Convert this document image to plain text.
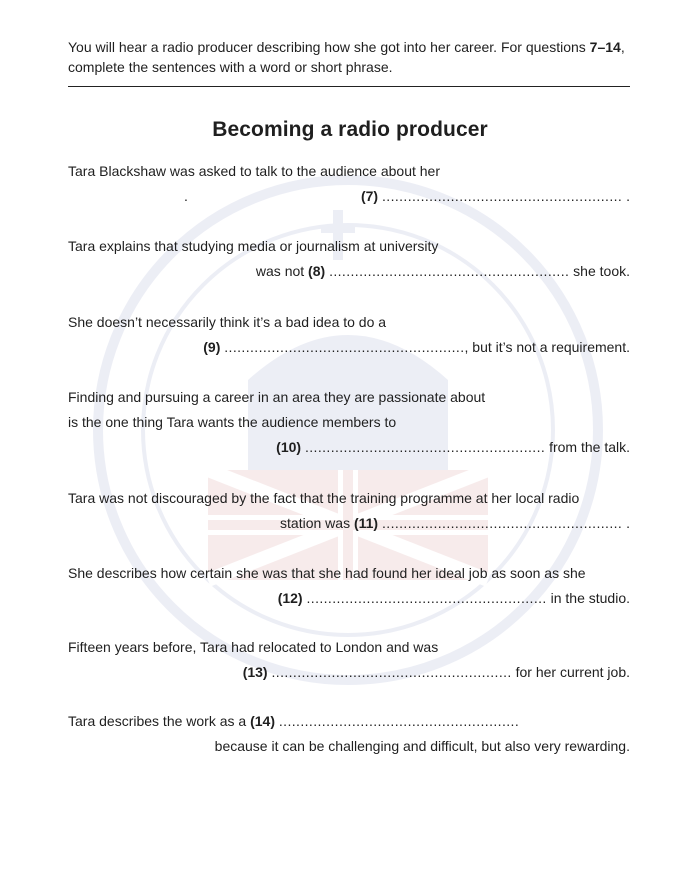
You will hear a radio producer describing how she got into her career. For questions 7–14, complete the sentences with a word or short phrase.
Becoming a radio producer
Tara Blackshaw was asked to talk to the audience about her
.	(7) ........................................................ .
Tara explains that studying media or journalism at university
was not (8) ........................................................ she took.
She doesn’t necessarily think it’s a bad idea to do a
(9) ........................................................, but it’s not a requirement.
Finding and pursuing a career in an area they are passionate about
is the one thing Tara wants the audience members to
(10) ........................................................ from the talk.
Tara was not discouraged by the fact that the training programme at her local radio
station was (11) ........................................................ .
She describes how certain she was that she had found her ideal job as soon as she
(12) ........................................................ in the studio.
Fifteen years before, Tara had relocated to London and was
(13) ........................................................ for her current job.
Tara describes the work as a (14) ........................................................
because it can be challenging and difficult, but also very rewarding.
